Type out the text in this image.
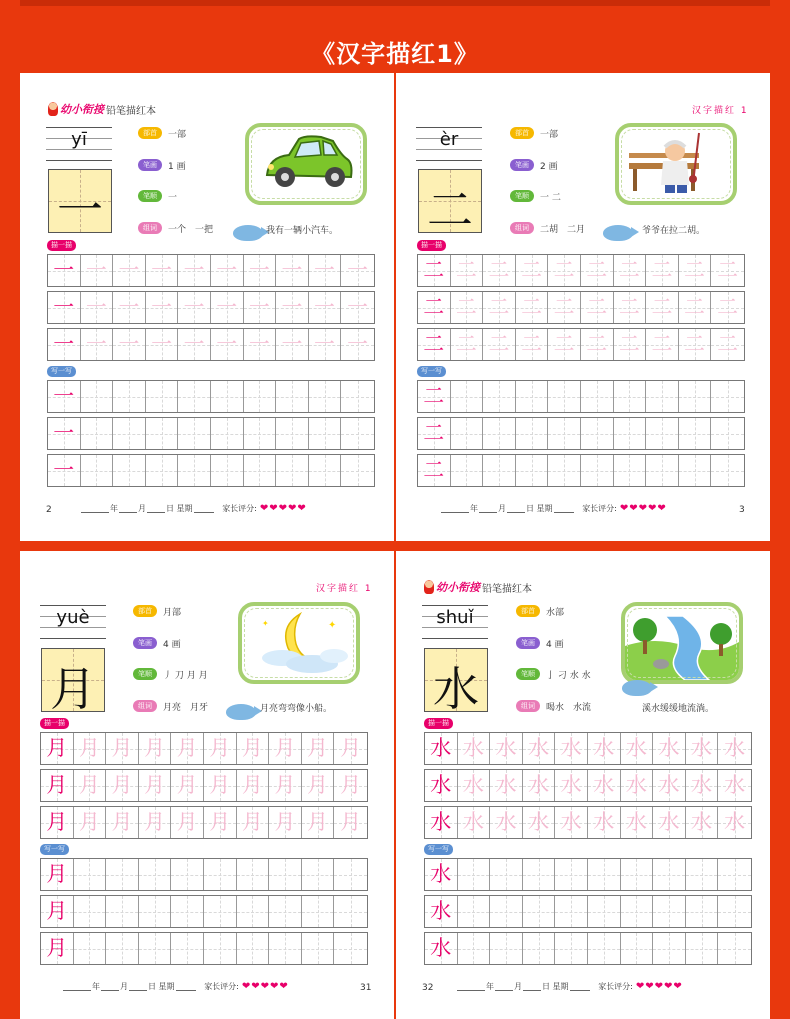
《汉字描红1》
幼小衔接 铅笔描红本
yī
一
部首	一部
笔画	1 画
笔顺	一
组词	一个　一把	我有一辆小汽车。
描一描
一 一 一 一 一 一 一 一 一 一
一 一 一 一 一 一 一 一 一 一
一 一 一 一 一 一 一 一 一 一
写一写
一
一
一
2	年	月	日
星期
	家长评分: ❤❤❤❤❤
汉字描红 1
èr
二
部首	一部
笔画	2 画
笔顺	一 二
组词	二胡　二月	爷爷在拉二胡。
描一描
二 二 二 二 二 二 二 二 二 二
二 二 二 二 二 二 二 二 二 二
二 二 二 二 二 二 二 二 二 二
写一写
二
二
二
年	月	日
星期
	家长评分: ❤❤❤❤❤	3
汉字描红 1
yuè
月
部首	月部
笔画	4 画
笔顺	丿 刀 月 月
组词	月亮　月牙
✦
✦
月亮弯弯像小船。
描一描
月 月 月 月 月 月 月 月 月 月
月 月 月 月 月 月 月 月 月 月
月 月 月 月 月 月 月 月 月 月
写一写
月
月
月
年	月	日
星期
	家长评分: ❤❤❤❤❤	31
幼小衔接 铅笔描红本
shuǐ
水
部首	水部
笔画	4 画
笔顺	亅 刁 水 水
组词	喝水　水流	溪水缓缓地流淌。
描一描
水 水 水 水 水 水 水 水 水 水
水 水 水 水 水 水 水 水 水 水
水 水 水 水 水 水 水 水 水 水
写一写
水
水
水
32	年	月	日
星期
	家长评分: ❤❤❤❤❤
